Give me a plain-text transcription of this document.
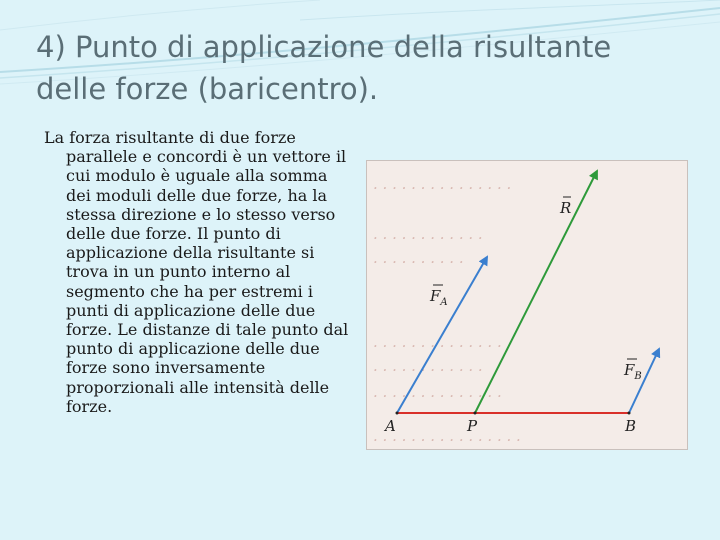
4) Punto di applicazione della risultante
delle forze (baricentro).

La forza risultante di due forze parallele e concordi è un vettore il cui modulo è uguale alla somma dei moduli delle due forze, ha la stessa direzione e lo stesso verso delle due forze. Il punto di applicazione della risultante si trova in un punto interno al segmento che ha per estremi i punti di applicazione delle due forze. Le distanze di tale punto dal punto di applicazione delle due forze sono inversamente proporzionali alle intensità delle forze.

· · · · · · · · · · · · · · ·
· · · · · · · · · · · ·
· · · · · · · · · ·
· · · · · · · · · · · · · ·
· · · · · · · · · · · ·
· · · · · · · · · · · · · ·
· · · · · · · · · · · · · · · ·
R
$F_A$
$F_B$
A	P	B
